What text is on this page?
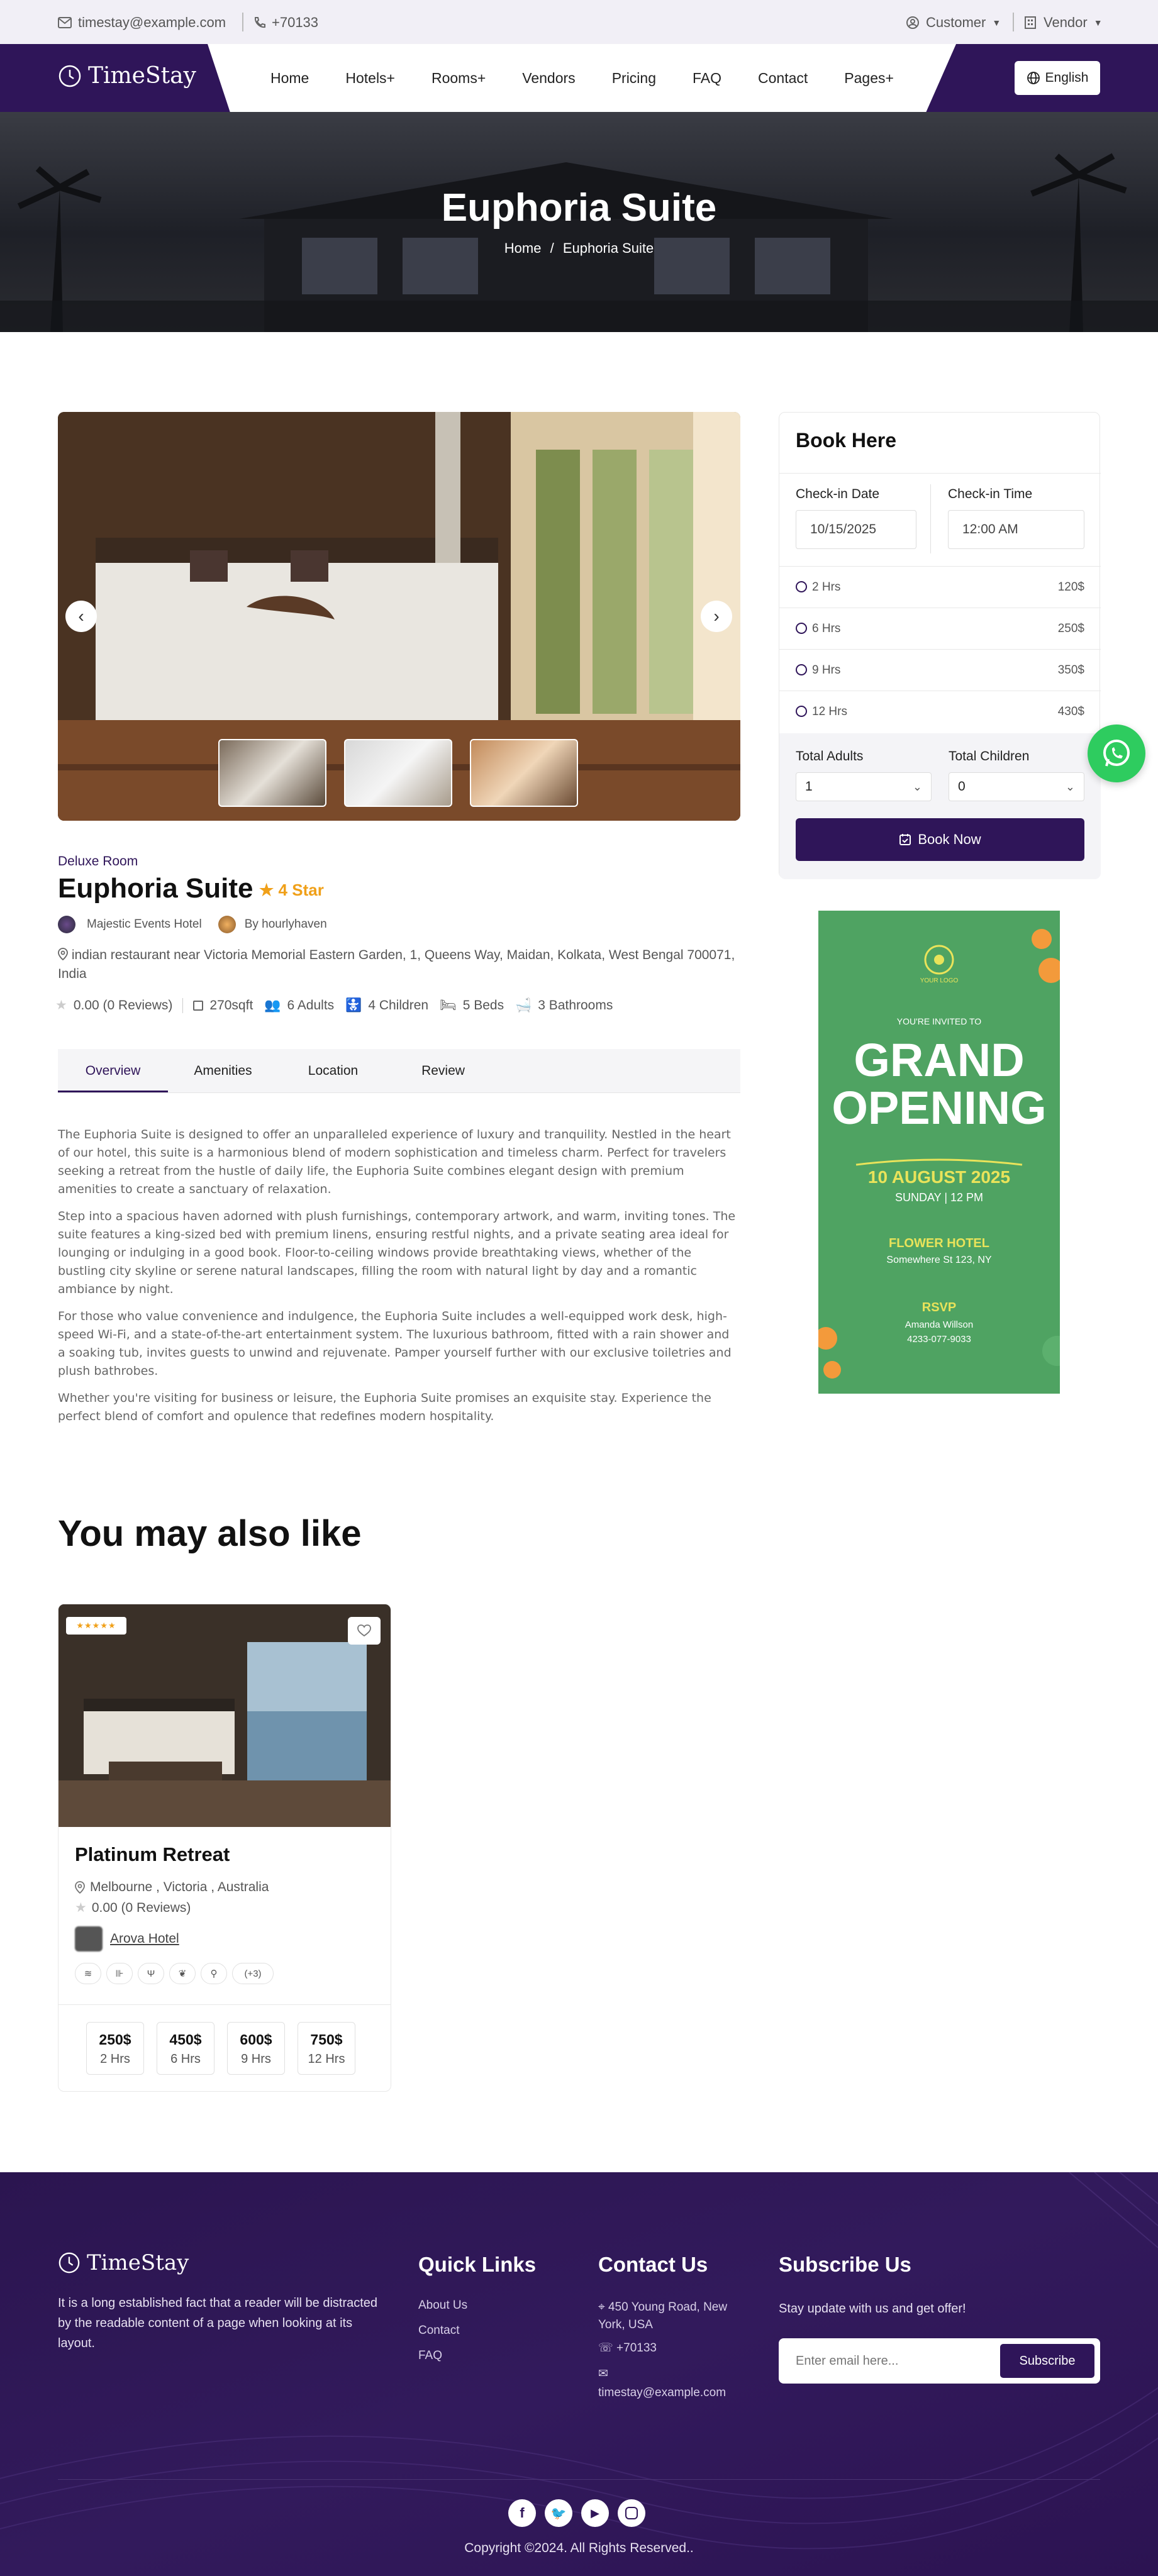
timestay@example.com	+70133	Customer ▼	Vendor ▼
TimeStay	Home	Hotels+	Rooms+	Vendors	Pricing	FAQ	Contact	Pages+	English
Euphoria Suite
Home / Euphoria Suite
‹	›
Deluxe Room
Euphoria Suite ★ 4 Star
Majestic Events Hotel	By hourlyhaven
indian restaurant near Victoria Memorial Eastern Garden, 1, Queens Way, Maidan, Kolkata, West Bengal 700071, India
★ 0.00 (0 Reviews)	270sqft 👥 6 Adults 🚼 4 Children 🛏 5 Beds 🛁 3 Bathrooms
Overview	Amenities	Location	Review

The Euphoria Suite is designed to offer an unparalleled experience of luxury and tranquility. Nestled in the heart of our hotel, this suite is a harmonious blend of modern sophistication and timeless charm. Perfect for travelers seeking a retreat from the hustle of daily life, the Euphoria Suite combines elegant design with premium amenities to create a sanctuary of relaxation.

Step into a spacious haven adorned with plush furnishings, contemporary artwork, and warm, inviting tones. The suite features a king-sized bed with premium linens, ensuring restful nights, and a private seating area ideal for lounging or indulging in a good book. Floor-to-ceiling windows provide breathtaking views, whether of the bustling city skyline or serene natural landscapes, filling the room with natural light by day and a romantic ambiance by night.

For those who value convenience and indulgence, the Euphoria Suite includes a well-equipped work desk, high-speed Wi-Fi, and a state-of-the-art entertainment system. The luxurious bathroom, fitted with a rain shower and a soaking tub, invites guests to unwind and rejuvenate. Pamper yourself further with our exclusive toiletries and plush bathrobes.

Whether you're visiting for business or leisure, the Euphoria Suite promises an exquisite stay. Experience the perfect blend of comfort and opulence that redefines modern hospitality.

Book Here
Check-in Date
10/15/2025
Check-in Time
12:00 AM
2 Hrs	120$
6 Hrs	250$
9 Hrs	350$
12 Hrs	430$
Total Adults
1	⌄
Total Children
0	⌄
Book Now
YOUR LOGO
YOU'RE INVITED TO
GRAND
OPENING
10 AUGUST 2025
SUNDAY | 12 PM
FLOWER HOTEL
Somewhere St 123, NY
RSVP
Amanda Willson
4233-077-9033
You may also like
★★★★★
Platinum Retreat
Melbourne , Victoria , Australia
★ 0.00 (0 Reviews)
Arova Hotel
≋	⊪	Ψ	❦	⚲	(+3)
250$
2 Hrs
450$
6 Hrs
600$
9 Hrs
750$
12 Hrs
TimeStay
It is a long established fact that a reader will be distracted by the readable content of a page when looking at its layout.
Quick Links
About Us
Contact
FAQ
Contact Us
⌖ 450 Young Road, New York, USA
☏ +70133
✉
timestay@example.com
Subscribe Us
Stay update with us and get offer!
Enter email here...
Subscribe
f 🐦 ▶
Copyright ©2024. All Rights Reserved..
